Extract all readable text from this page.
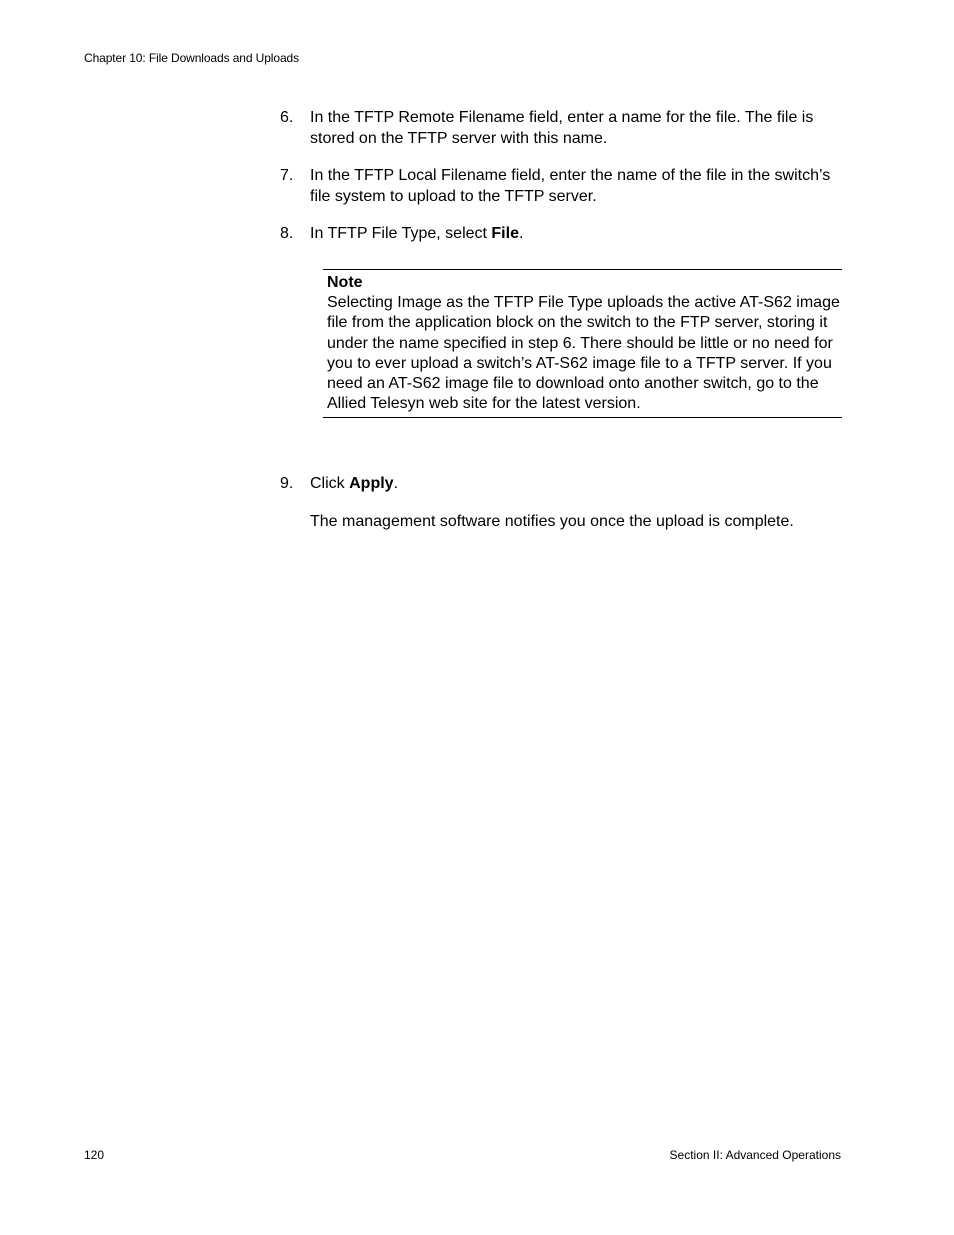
Chapter 10: File Downloads and Uploads
6.	In the TFTP Remote Filename field, enter a name for the file. The file is stored on the TFTP server with this name.
7.	In the TFTP Local Filename field, enter the name of the file in the switch’s file system to upload to the TFTP server.
8.	In TFTP File Type, select File.
Note
Selecting Image as the TFTP File Type uploads the active AT-S62 image file from the application block on the switch to the FTP server, storing it under the name specified in step 6. There should be little or no need for you to ever upload a switch’s AT-S62 image file to a TFTP server. If you need an AT-S62 image file to download onto another switch, go to the Allied Telesyn web site for the latest version.
9.	Click Apply.
The management software notifies you once the upload is complete.
120	Section II: Advanced Operations
